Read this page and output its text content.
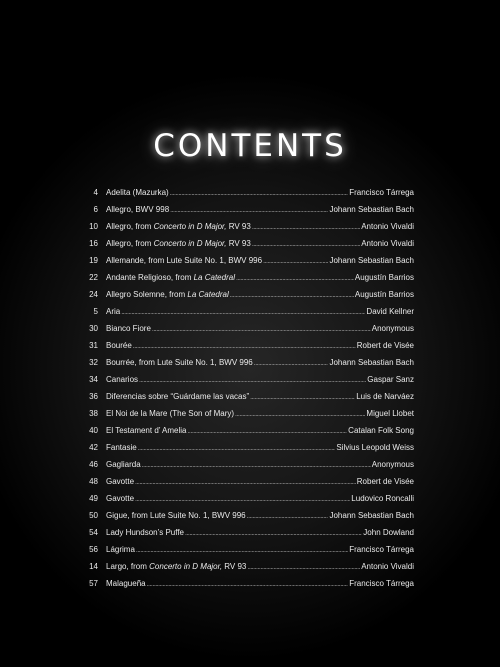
CONTENTS
4 Adelita (Mazurka) .....	Francisco Tárrega
6 Allegro, BWV 998 .....	Johann Sebastian Bach
10 Allegro, from Concerto in D Major, RV 93 .....	Antonio Vivaldi
16 Allegro, from Concerto in D Major, RV 93 .....	Antonio Vivaldi
19 Allemande, from Lute Suite No. 1, BWV 996 .....	Johann Sebastian Bach
22 Andante Religioso, from La Catedral .....	Augustín Barrios
24 Allegro Solemne, from La Catedral .....	Augustín Barrios
5 Aria .....	David Kellner
30 Bianco Fiore .....	Anonymous
31 Bourée .....	Robert de Visée
32 Bourrée, from Lute Suite No. 1, BWV 996 .....	Johann Sebastian Bach
34 Canarios .....	Gaspar Sanz
36 Diferencias sobre “Guárdame las vacas” .....	Luis de Narváez
38 El Noi de la Mare (The Son of Mary) .....	Miguel Llobet
40 El Testament d’ Amelia .....	Catalan Folk Song
42 Fantasie .....	Silvius Leopold Weiss
46 Gagliarda .....	Anonymous
48 Gavotte .....	Robert de Visée
49 Gavotte .....	Ludovico Roncalli
50 Gigue, from Lute Suite No. 1, BWV 996 .....	Johann Sebastian Bach
54 Lady Hundson’s Puffe .....	John Dowland
56 Lágrima .....	Francisco Tárrega
14 Largo, from Concerto in D Major, RV 93 .....	Antonio Vivaldi
57 Malagueña .....	Francisco Tárrega
